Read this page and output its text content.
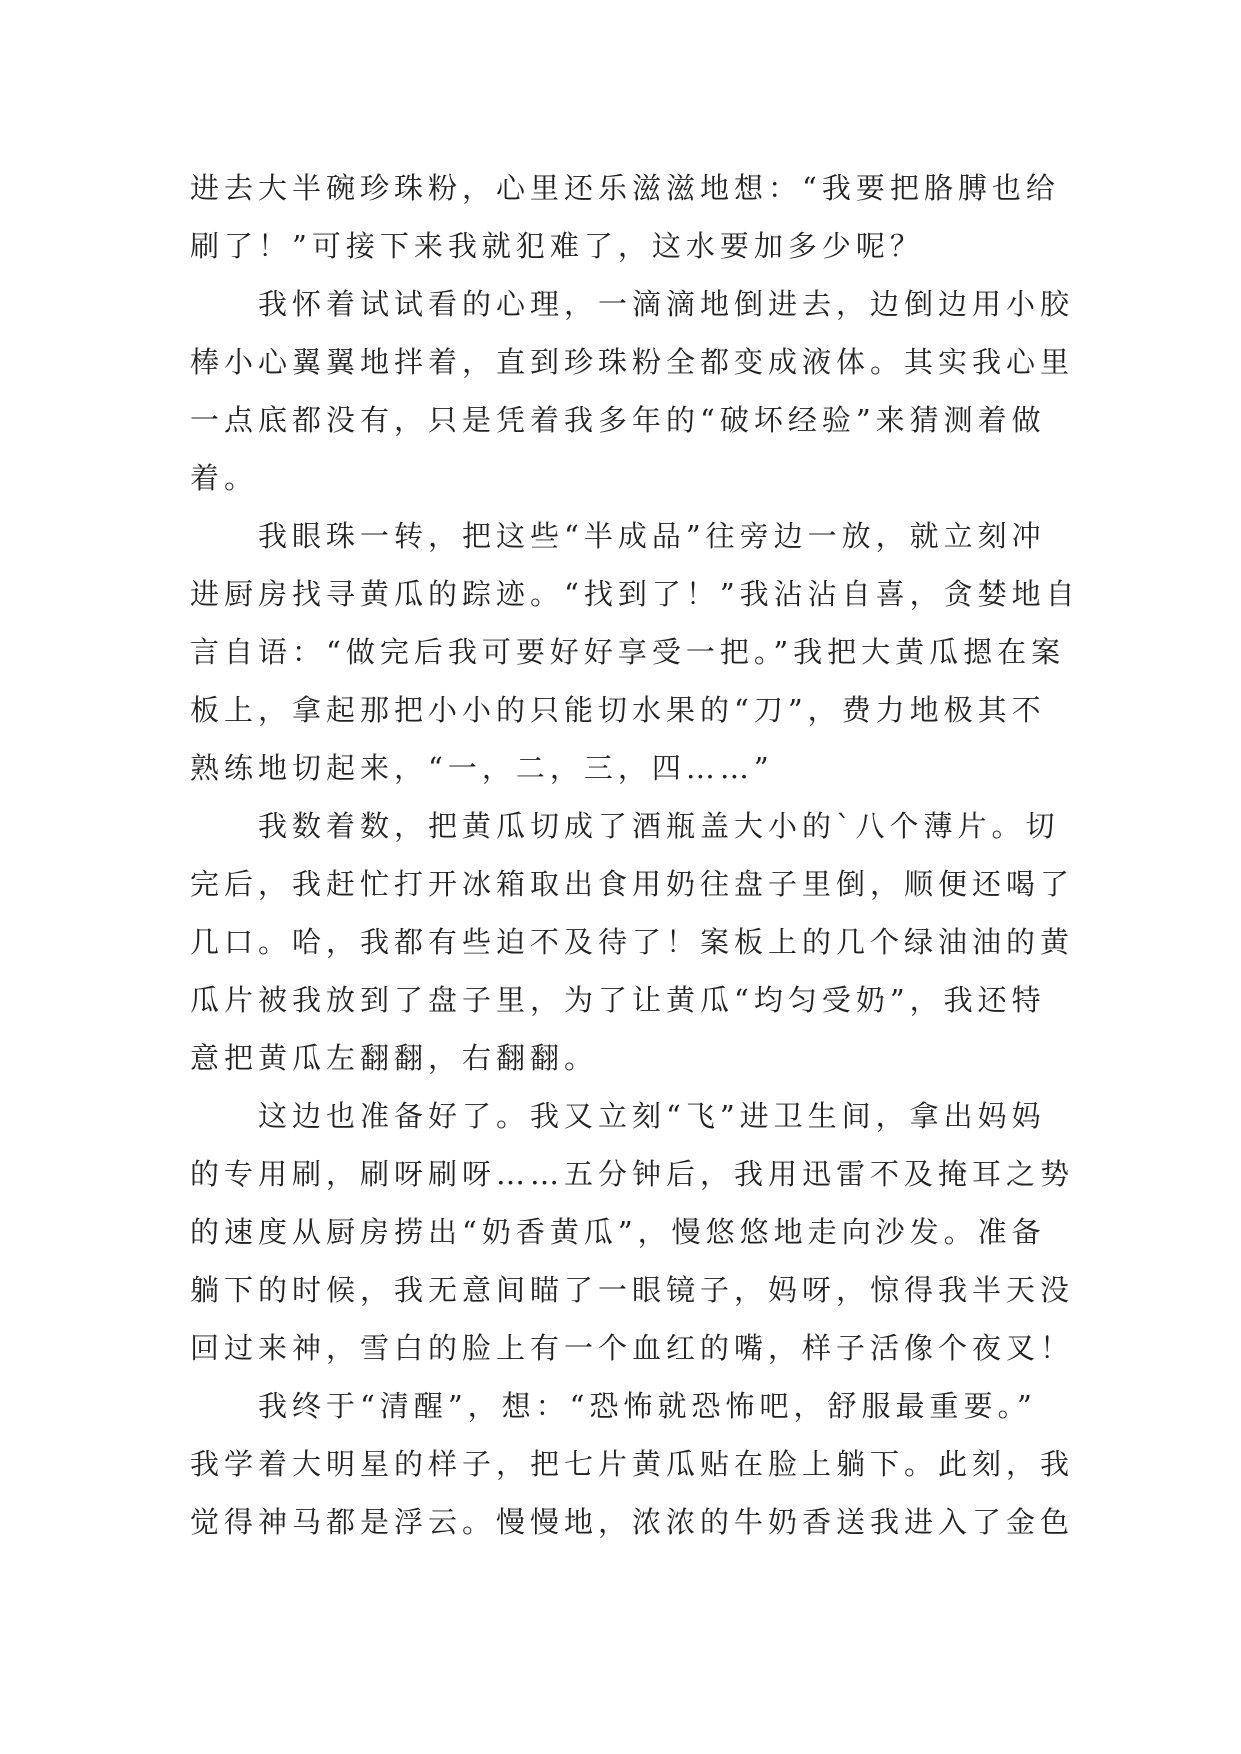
进去大半碗珍珠粉，心里还乐滋滋地想：“我要把胳膊也给
刷了！”可接下来我就犯难了，这水要加多少呢？
　　我怀着试试看的心理，一滴滴地倒进去，边倒边用小胶
棒小心翼翼地拌着，直到珍珠粉全都变成液体。其实我心里
一点底都没有，只是凭着我多年的“破坏经验”来猜测着做
着。
　　我眼珠一转，把这些“半成品”往旁边一放，就立刻冲
进厨房找寻黄瓜的踪迹。“找到了！”我沾沾自喜，贪婪地自
言自语：“做完后我可要好好享受一把。”我把大黄瓜摁在案
板上，拿起那把小小的只能切水果的“刀”，费力地极其不
熟练地切起来，“一，二，三，四……”
　　我数着数，把黄瓜切成了酒瓶盖大小的`八个薄片。切
完后，我赶忙打开冰箱取出食用奶往盘子里倒，顺便还喝了
几口。哈，我都有些迫不及待了！案板上的几个绿油油的黄
瓜片被我放到了盘子里，为了让黄瓜“均匀受奶”，我还特
意把黄瓜左翻翻，右翻翻。
　　这边也准备好了。我又立刻“飞”进卫生间，拿出妈妈
的专用刷，刷呀刷呀……五分钟后，我用迅雷不及掩耳之势
的速度从厨房捞出“奶香黄瓜”，慢悠悠地走向沙发。准备
躺下的时候，我无意间瞄了一眼镜子，妈呀，惊得我半天没
回过来神，雪白的脸上有一个血红的嘴，样子活像个夜叉！
　　我终于“清醒”，想：“恐怖就恐怖吧，舒服最重要。”
我学着大明星的样子，把七片黄瓜贴在脸上躺下。此刻，我
觉得神马都是浮云。慢慢地，浓浓的牛奶香送我进入了金色
